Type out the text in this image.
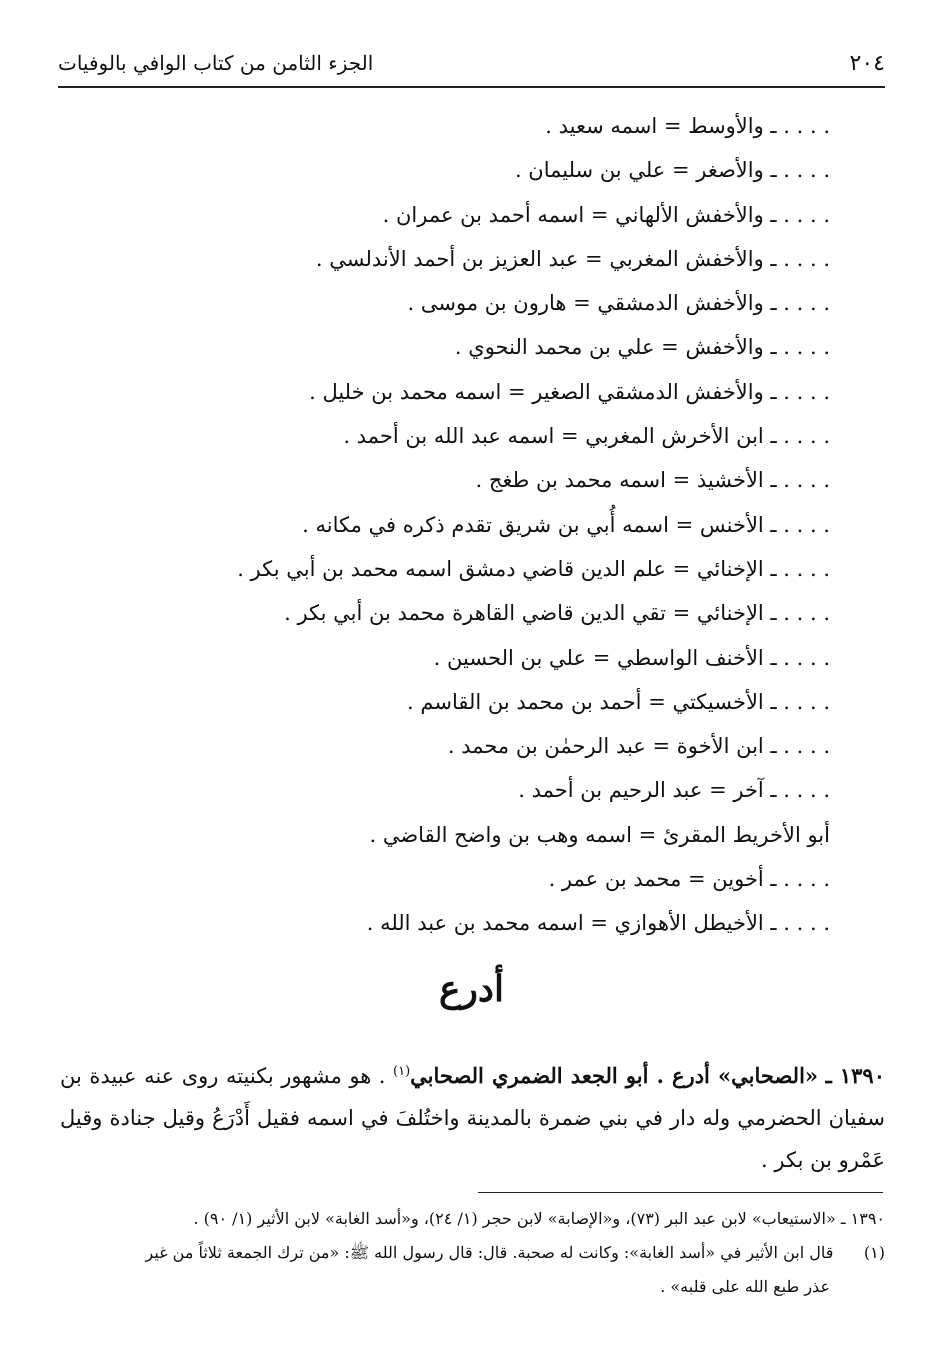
٢٠٤
الجزء الثامن من كتاب الوافي بالوفيات
. . . . ـ والأوسط = اسمه سعيد .
. . . . ـ والأصغر = علي بن سليمان .
. . . . ـ والأخفش الألهاني = اسمه أحمد بن عمران .
. . . . ـ والأخفش المغربي = عبد العزيز بن أحمد الأندلسي .
. . . . ـ والأخفش الدمشقي = هارون بن موسى .
. . . . ـ والأخفش = علي بن محمد النحوي .
. . . . ـ والأخفش الدمشقي الصغير = اسمه محمد بن خليل .
. . . . ـ ابن الأخرش المغربي = اسمه عبد الله بن أحمد .
. . . . ـ الأخشيذ = اسمه محمد بن طغج .
. . . . ـ الأخنس = اسمه أُبي بن شريق تقدم ذكره في مكانه .
. . . . ـ الإخنائي = علم الدين قاضي دمشق اسمه محمد بن أبي بكر .
. . . . ـ الإخنائي = تقي الدين قاضي القاهرة محمد بن أبي بكر .
. . . . ـ الأخنف الواسطي = علي بن الحسين .
. . . . ـ الأخسيكتي = أحمد بن محمد بن القاسم .
. . . . ـ ابن الأخوة = عبد الرحمٰن بن محمد .
. . . . ـ آخر = عبد الرحيم بن أحمد .
أبو الأخريط المقرئ = اسمه وهب بن واضح القاضي .
. . . . ـ أخوين = محمد بن عمر .
. . . . ـ الأخيطل الأهوازي = اسمه محمد بن عبد الله .
أدرع

١٣٩٠ ـ «الصحابي» أدرع . أبو الجعد الضمري الصحابي$^{(١)}$ . هو مشهور بكنيته روى عنه عبيدة بن سفيان الحضرمي وله دار في بني ضمرة بالمدينة واختُلفَ في اسمه فقيل أَدْرَعُ وقيل جنادة وقيل عَمْرو بن بكر .

١٣٩٠ ـ «الاستيعاب» لابن عبد البر (٧٣)، و«الإصابة» لابن حجر (١/ ٢٤)، و«أسد الغابة» لابن الأثير (١/ ٩٠) .

(١)      قال ابن الأثير في «أسد الغابة»: وكانت له صحبة. قال: قال رسول الله ﷺ: «من ترك الجمعة ثلاثاً من غير

عذر طبع الله على قلبه» .
